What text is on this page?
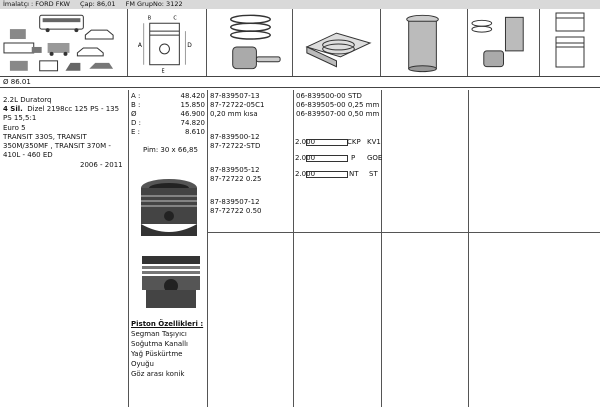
İmalatçı : FORD FKW Çap: 86,01 FM GrupNo: 3122
A	D
B	C
E
Ø 86.01
2.2L Duratorq
4 Sil. Dizel 2198cc 125 PS - 135
PS 15,5:1
Euro 5
TRANSIT 330S, TRANSIT
350M/350MF , TRANSIT 370M -
410L - 460 ED
2006 - 2011
A :	48.420
B :	15.850
Ø	46.900
D :	74.820
E :	8.610
Pim: 30 x 66,85
Piston Özellikleri :
Segman Taşıyıcı
Soğutma Kanallı
Yağ Püskürtme
Oyuğu
Göz arası konik
87-839507-13
87-72722-05C1
0,20 mm kısa
87-839500-12
87-72722-STD
87-839505-12
87-72722 0.25
87-839507-12
87-72722 0.50
06-839500-00 STD
06-839505-00 0,25 mm
06-839507-00 0,50 mm
2.000	CKP KV1
2.000	P GOE
2.000	NT ST
